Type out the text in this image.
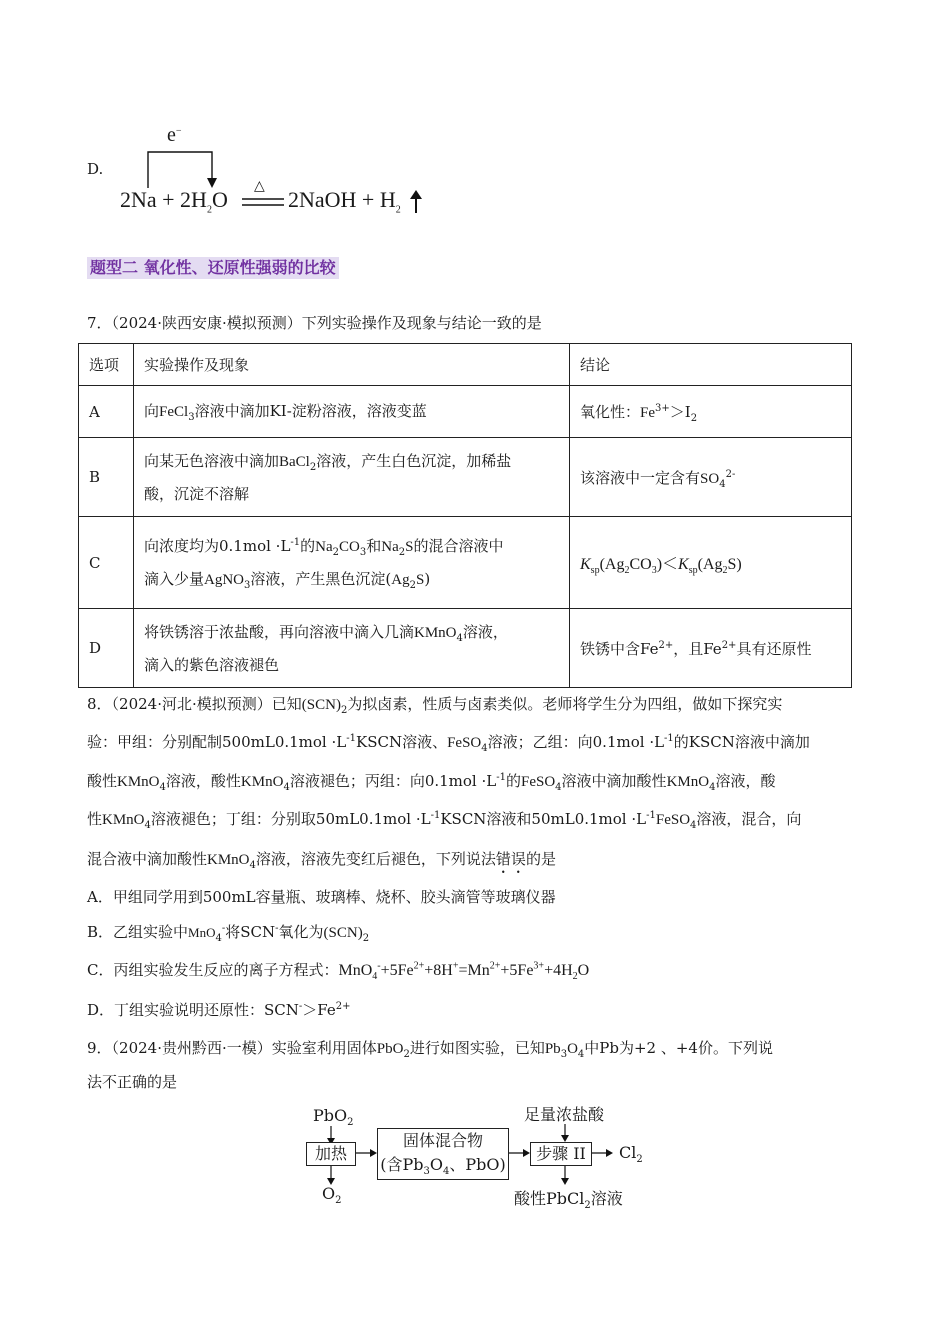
D.
e−
$2Na + 2H_2O$
△
2NaOH + $H_2$
题型二 氧化性、还原性强弱的比较
7．（2024·陕西安康·模拟预测）下列实验操作及现象与结论一致的是
选项	实验操作及现象	结论
A	向FeCl$_3$溶液中滴加KI-淀粉溶液，溶液变蓝	氧化性：$Fe^{3+}>I_2$
B	向某无色溶液中滴加BaCl$_2$溶液，产生白色沉淀，加稀盐
酸，沉淀不溶解	该溶液中一定含有$SO_4^{2-}$
C	向浓度均为$0.1mol \cdot L^{-1}$的$Na_2CO_3$和$Na_2S$的混合溶液中
滴入少量AgNO$_3$溶液，产生黑色沉淀$(Ag_2S)$	$K_{sp}(Ag_2CO_3)<K_{sp}(Ag_2S)$
D	将铁锈溶于浓盐酸，再向溶液中滴入几滴KMnO$_4$溶液，
滴入的紫色溶液褪色	铁锈中含$Fe^{2+}$，且$Fe^{2+}$具有还原性
8．（2024·河北·模拟预测）已知$(SCN)_2$为拟卤素，性质与卤素类似。老师将学生分为四组，做如下探究实
验：甲组：分别配制$500mL0.1mol \cdot L^{-1}KSCN$溶液、FeSO$_4$溶液；乙组：向$0.1mol \cdot L^{-1}$的KSCN溶液中滴加
酸性KMnO$_4$溶液，酸性KMnO$_4$溶液褪色；丙组：向$0.1mol \cdot L^{-1}$的FeSO$_4$溶液中滴加酸性KMnO$_4$溶液，酸
性KMnO$_4$溶液褪色；丁组：分别取$50mL0.1mol \cdot L^{-1}KSCN$溶液和$50mL0.1mol \cdot L^{-1}FeSO_4$溶液，混合，向
混合液中滴加酸性KMnO$_4$溶液，溶液先变红后褪色，下列说法错误的是
A．甲组同学用到500mL容量瓶、玻璃棒、烧杯、胶头滴管等玻璃仪器
B．乙组实验中MnO$_4$-将SCN-氧化为$(SCN)_2$
C．丙组实验发生反应的离子方程式：$MnO_4^-+5Fe^{2+}+8H^+=Mn^{2+}+5Fe^{3+}+4H_2O$
D．丁组实验说明还原性：$SCN^->Fe^{2+}$
9．（2024·贵州黔西·一模）实验室利用固体PbO$_2$进行如图实验，已知$Pb_3O_4$中Pb为+2 、+4价。下列说
法不正确的是
PbO$_2$
加热
$O_2$
固体混合物
(含$Pb_3O_4$、PbO)
足量浓盐酸
步骤 II	$Cl_2$
酸性PbCl$_2$溶液
